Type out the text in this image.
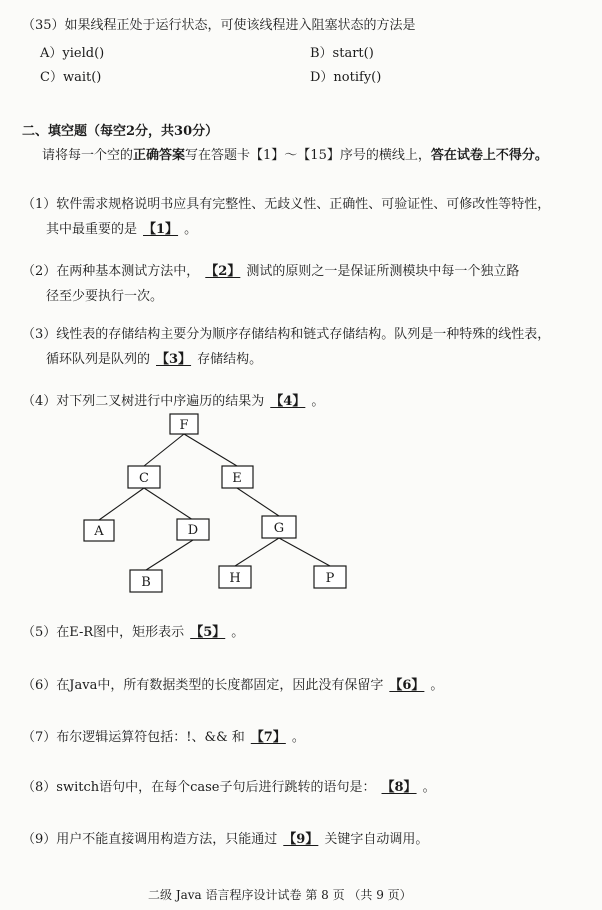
（35）如果线程正处于运行状态，可使该线程进入阻塞状态的方法是
A）yield()	B）start()
C）wait()	D）notify()
二、填空题（每空2分，共30分）
请将每一个空的正确答案写在答题卡【1】～【15】序号的横线上，答在试卷上不得分。
（1）软件需求规格说明书应具有完整性、无歧义性、正确性、可验证性、可修改性等特性，
其中最重要的是 【1】 。
（2）在两种基本测试方法中， 【2】 测试的原则之一是保证所测模块中每一个独立路
径至少要执行一次。
（3）线性表的存储结构主要分为顺序存储结构和链式存储结构。队列是一种特殊的线性表，
循环队列是队列的 【3】 存储结构。
（4）对下列二叉树进行中序遍历的结果为 【4】 。
F
C	E
A	D	G
B	H	P
（5）在E-R图中，矩形表示 【5】 。
（6）在Java中，所有数据类型的长度都固定，因此没有保留字 【6】 。
（7）布尔逻辑运算符包括：!、&& 和 【7】 。
（8）switch语句中，在每个case子句后进行跳转的语句是： 【8】 。
（9）用户不能直接调用构造方法，只能通过 【9】 关键字自动调用。
二级 Java 语言程序设计试卷 第 8 页 （共 9 页）
